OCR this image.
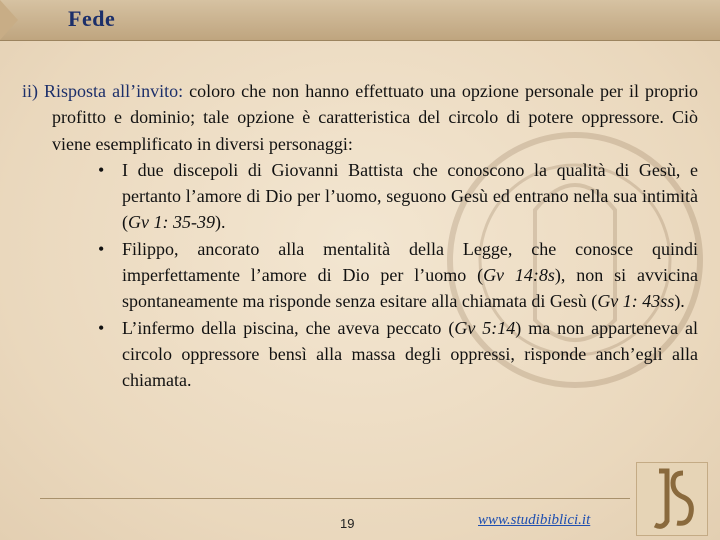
Fede

ii) Risposta all’invito: coloro che non hanno effettuato una opzione personale per il proprio profitto e dominio; tale opzione è caratteristica del circolo di potere oppressore. Ciò viene esemplificato in diversi personaggi:

• I due discepoli di Giovanni Battista che conoscono la qualità di Gesù, e pertanto l’amore di Dio per l’uomo, seguono Gesù ed entrano nella sua intimità (Gv 1: 35-39).
• Filippo, ancorato alla mentalità della Legge, che conosce quindi imperfettamente l’amore di Dio per l’uomo (Gv 14:8s), non si avvicina spontaneamente ma risponde senza esitare alla chiamata di Gesù (Gv 1: 43ss).
• L’infermo della piscina, che aveva peccato (Gv 5:14) ma non apparteneva al circolo oppressore bensì alla massa degli oppressi, risponde anch’egli alla chiamata.
19	www.studibiblici.it
